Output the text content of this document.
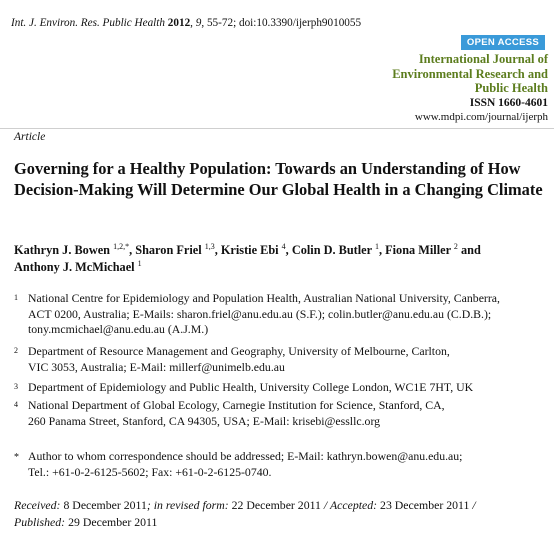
Int. J. Environ. Res. Public Health 2012, 9, 55-72; doi:10.3390/ijerph9010055
OPEN ACCESS
International Journal of
Environmental Research and
Public Health
ISSN 1660-4601
www.mdpi.com/journal/ijerph
Article
Governing for a Healthy Population: Towards an Understanding of How Decision-Making Will Determine Our Global Health in a Changing Climate
Kathryn J. Bowen $^{1,2,*}$, Sharon Friel $^{1,3}$, Kristie Ebi $^4$, Colin D. Butler $^1$, Fiona Miller $^2$ and
Anthony J. McMichael $^1$
1 National Centre for Epidemiology and Population Health, Australian National University, Canberra,
ACT 0200, Australia; E-Mails: sharon.friel@anu.edu.au (S.F.); colin.butler@anu.edu.au (C.D.B.);
tony.mcmichael@anu.edu.au (A.J.M.)
2 Department of Resource Management and Geography, University of Melbourne, Carlton,
VIC 3053, Australia; E-Mail: millerf@unimelb.edu.au
3 Department of Epidemiology and Public Health, University College London, WC1E 7HT, UK
4 National Department of Global Ecology, Carnegie Institution for Science, Stanford, CA,
260 Panama Street, Stanford, CA 94305, USA; E-Mail: krisebi@essllc.org
* Author to whom correspondence should be addressed; E-Mail: kathryn.bowen@anu.edu.au;
Tel.: +61-0-2-6125-5602; Fax: +61-0-2-6125-0740.
Received: 8 December 2011; in revised form: 22 December 2011 / Accepted: 23 December 2011 /
Published: 29 December 2011
